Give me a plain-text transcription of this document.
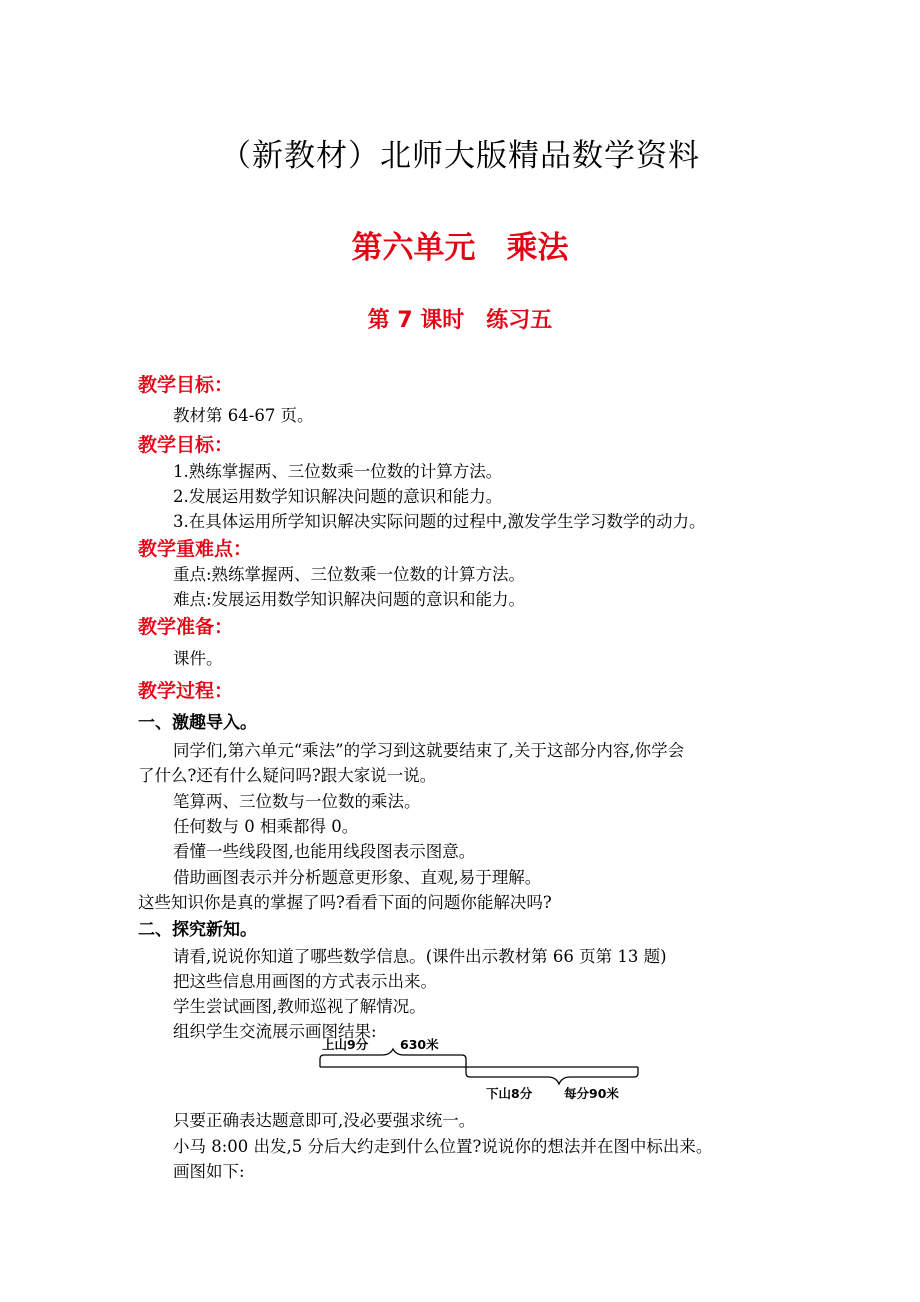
（新教材）北师大版精品数学资料
第六单元　乘法
第 7 课时　练习五
教学目标：
教材第 64-67 页。
教学目标：
1.熟练掌握两、三位数乘一位数的计算方法。
2.发展运用数学知识解决问题的意识和能力。
3.在具体运用所学知识解决实际问题的过程中,激发学生学习数学的动力。
教学重难点：
重点:熟练掌握两、三位数乘一位数的计算方法。
难点:发展运用数学知识解决问题的意识和能力。
教学准备：
课件。
教学过程：
一、激趣导入。
同学们,第六单元“乘法”的学习到这就要结束了,关于这部分内容,你学会
了什么?还有什么疑问吗?跟大家说一说。
笔算两、三位数与一位数的乘法。
任何数与 0 相乘都得 0。
看懂一些线段图,也能用线段图表示图意。
借助画图表示并分析题意更形象、直观,易于理解。
这些知识你是真的掌握了吗?看看下面的问题你能解决吗?
二、探究新知。
请看,说说你知道了哪些数学信息。(课件出示教材第 66 页第 13 题)
把这些信息用画图的方式表示出来。
学生尝试画图,教师巡视了解情况。
组织学生交流展示画图结果:
上山9分	630米
下山8分	每分90米
只要正确表达题意即可,没必要强求统一。
小马 8:00 出发,5 分后大约走到什么位置?说说你的想法并在图中标出来。
画图如下:
